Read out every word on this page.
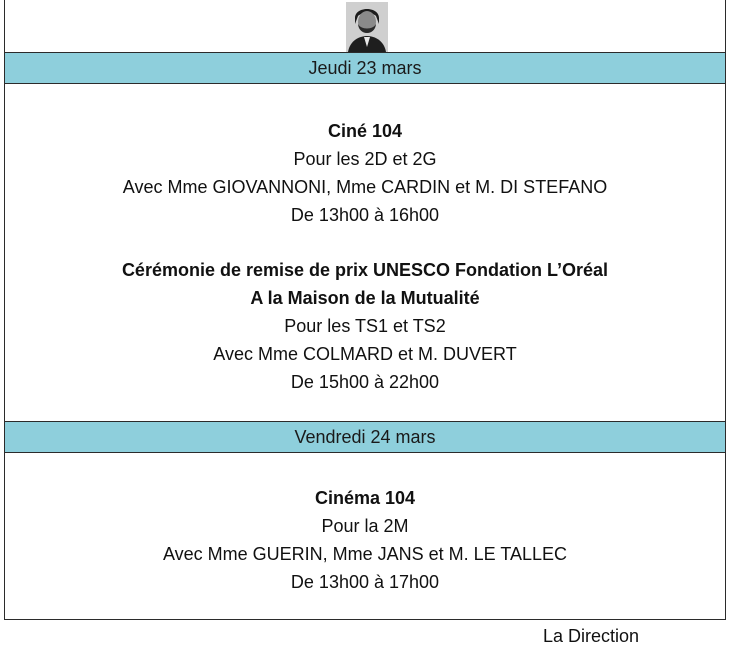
Jeudi 23 mars
Ciné 104
Pour les 2D et 2G
Avec Mme GIOVANNONI, Mme CARDIN et M. DI STEFANO
De 13h00 à 16h00
Cérémonie de remise de prix UNESCO Fondation L’Oréal
A la Maison de la Mutualité
Pour les TS1 et TS2
Avec Mme COLMARD et M. DUVERT
De 15h00 à 22h00
Vendredi 24 mars
Cinéma 104
Pour la 2M
Avec Mme GUERIN, Mme JANS et M. LE TALLEC
De 13h00 à 17h00
La Direction
